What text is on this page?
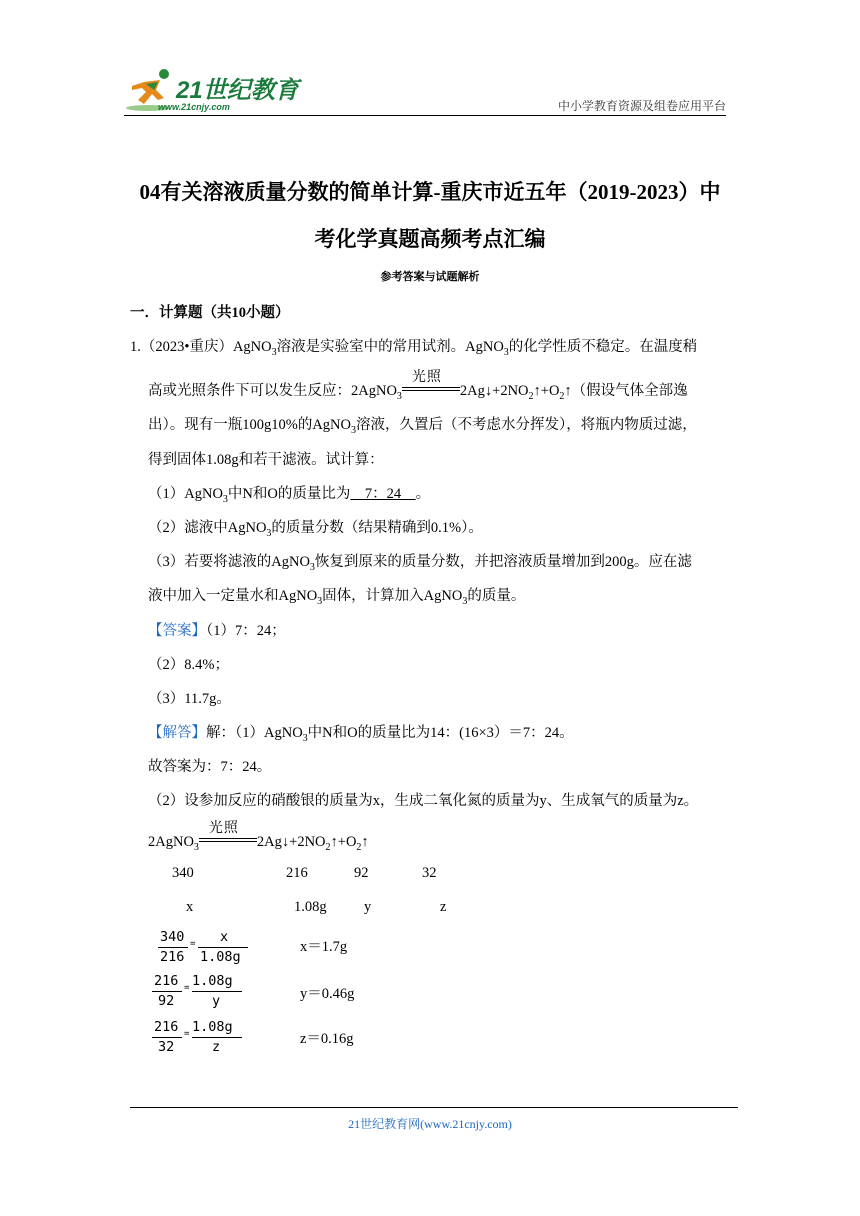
21世纪教育
www.21cnjy.com	中小学教育资源及组卷应用平台
04有关溶液质量分数的简单计算-重庆市近五年（2019-2023）中
考化学真题高频考点汇编
参考答案与试题解析
一．计算题（共10小题）
1.（2023•重庆）AgNO$_3$溶液是实验室中的常用试剂。AgNO$_3$的化学性质不稳定。在温度稍
高或光照条件下可以发生反应：2AgNO$_3$
光照
$2Ag↓+2NO_2↑+O_2↑$（假设气体全部逸
出）。现有一瓶100g10%的AgNO$_3$溶液，久置后（不考虑水分挥发），将瓶内物质过滤，
得到固体1.08g和若干滤液。试计算：
（1）AgNO$_3$中N和O的质量比为　7：24　。
（2）滤液中AgNO$_3$的质量分数（结果精确到0.1%）。
（3）若要将滤液的AgNO$_3$恢复到原来的质量分数，并把溶液质量增加到200g。应在滤
液中加入一定量水和AgNO$_3$固体，计算加入AgNO$_3$的质量。
【答案】（1）7：24；
（2）8.4%；
（3）11.7g。
【解答】解：（1）AgNO$_3$中N和O的质量比为14：(16×3）＝7：24。
故答案为：7：24。
（2）设参加反应的硝酸银的质量为x，生成二氧化氮的质量为y、生成氧气的质量为z。
2AgNO$_3$
光照
$2Ag↓+2NO_2↑+O_2↑$
340	216	92	32
x	1.08g	y	z
340
216
= x
1.08g
x＝1.7g
216
92
= 1.08g
y	y＝0.46g
216
32
= 1.08g
z	z＝0.16g
21世纪教育网(www.21cnjy.com)
